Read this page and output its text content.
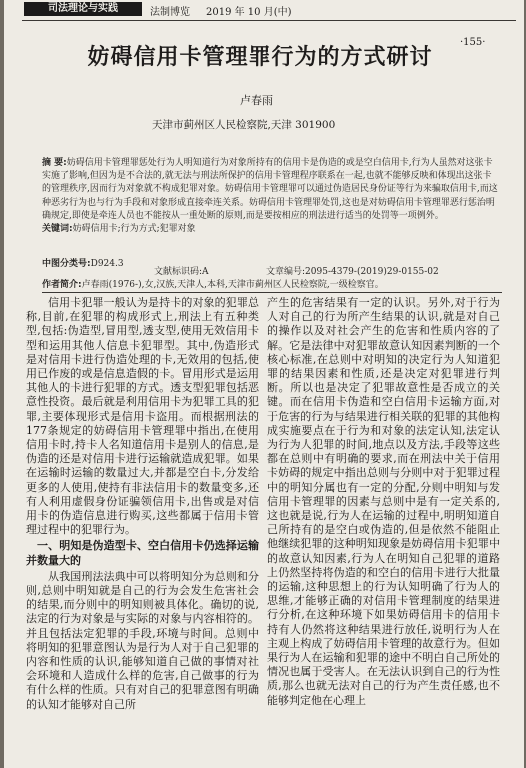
司法理论与实践	法制博览 2019 年 10 月(中)
·155·
妨碍信用卡管理罪行为的方式研讨
卢春雨
天津市蓟州区人民检察院,天津 301900
摘 要:妨碍信用卡管理罪惩处行为人明知道行为对象所持有的信用卡是伪造的或是空白信用卡,行为人虽然对这张卡实施了影响,但因为是不合法的,就无法与刑法所保护的信用卡管理程序联系在一起,也就不能够反映和体现出这张卡的管理秩序,因而行为对象就不构成犯罪对象。妨碍信用卡管理罪可以通过伪造居民身份证等行为来骗取信用卡,而这种恶劣行为也与行为手段和对象形成直接牵连关系。妨碍信用卡管理罪处罚,这也是对妨碍信用卡管理罪恶行惩治明确规定,即使是牵连人员也不能按从一重处断的原则,而是要按相应的刑法进行适当的处罚等一项例外。
关键词:妨碍信用卡;行为方式;犯罪对象
中图分类号:D924.3
文献标识码:A	文章编号:2095-4379-(2019)29-0155-02
作者简介:卢春雨(1976-),女,汉族,天津人,本科,天津市蓟州区人民检察院,一级检察官。

信用卡犯罪一般认为是持卡的对象的犯罪总称,目前,在犯罪的构成形式上,刑法上有五种类型,包括:伪造型,冒用型,透支型,使用无效信用卡型和运用其他人信息卡犯罪型。其中,伪造形式是对信用卡进行伪造处理的卡,无效用的包括,使用已作废的或是信息造假的卡。冒用形式是运用其他人的卡进行犯罪的方式。透支型犯罪包括恶意性投资。最后就是利用信用卡为犯罪工具的犯罪,主要体现形式是信用卡盗用。而根据刑法的177条规定的妨碍信用卡管理罪中指出,在使用信用卡时,持卡人名知道信用卡是别人的信息,是伪造的还是对信用卡进行运输就造成犯罪。如果在运输时运输的数量过大,并都是空白卡,分发给更多的人使用,使持有非法信用卡的数量变多,还有人利用虚假身份证骗领信用卡,出售或是对信用卡的伪造信息进行购买,这些都属于信用卡管理过程中的犯罪行为。

一、明知是伪造型卡、空白信用卡仍选择运输并数量大的

从我国刑法法典中可以将明知分为总则和分则,总则中明知就是自己的行为会发生危害社会的结果,而分则中的明知则被具体化。确切的说,法定的行为对象是与实际的对象与内容相符的。并且包括法定犯罪的手段,环境与时间。总则中将明知的犯罪意图认为是行为人对于自己犯罪的内容和性质的认识,能够知道自己做的事情对社会环境和人造成什么样的危害,自己做事的行为有什么样的性质。只有对自己的犯罪意图有明确的认知才能够对自己所

产生的危害结果有一定的认识。另外,对于行为人对自己的行为所产生结果的认识,就是对自己的操作以及对社会产生的危害和性质内容的了解。它是法律中对犯罪故意认知因素判断的一个核心标准,在总则中对明知的决定行为人知道犯罪的结果因素和性质,还是决定对犯罪进行判断。所以也是决定了犯罪故意性是否成立的关键。而在信用卡伪造和空白信用卡运输方面,对于危害的行为与结果进行相关联的犯罪的其他构成实施要点在于行为和对象的法定认知,法定认为行为人犯罪的时间,地点以及方法,手段等这些都在总则中有明确的要求,而在刑法中关于信用卡妨碍的规定中指出总则与分则中对于犯罪过程中的明知分属也有一定的分配,分则中明知与发信用卡管理罪的因素与总则中是有一定关系的,这也就是说,行为人在运输的过程中,明明知道自己所持有的是空白或伪造的,但是依然不能阻止他继续犯罪的这种明知现象是妨碍信用卡犯罪中的故意认知因素,行为人在明知自己犯罪的道路上仍然坚持将伪造的和空白的信用卡进行大批量的运输,这种思想上的行为认知明确了行为人的思维,才能够正确的对信用卡管理制度的结果进行分析,在这种环境下如果妨碍信用卡的信用卡持有人仍然将这种结果进行放任,说明行为人在主观上构成了妨碍信用卡管理的故意行为。但如果行为人在运输和犯罪的途中不明白自己所处的情况也属于受害人。在无法认识到自己的行为性质,那么也就无法对自己的行为产生责任感,也不能够判定他在心理上
